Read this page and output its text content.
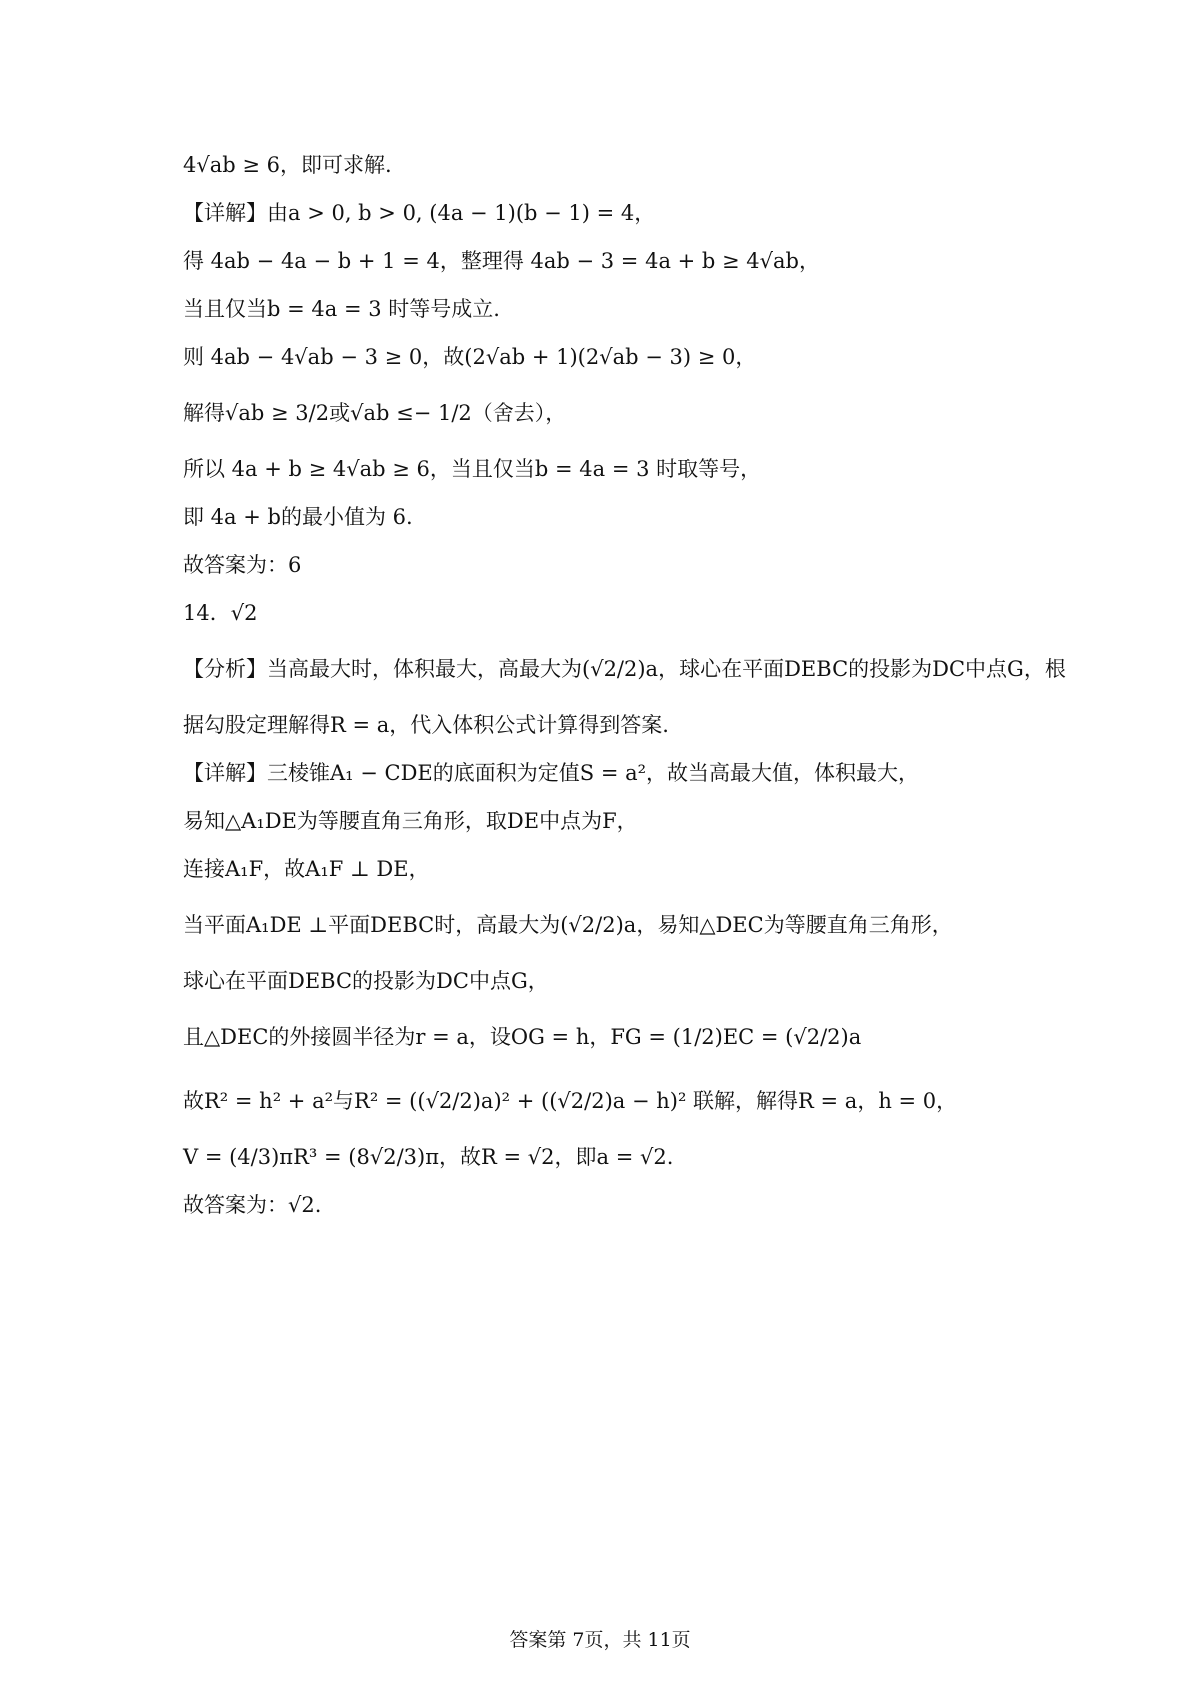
4√ab ≥ 6，即可求解.

【详解】由a > 0, b > 0, (4a − 1)(b − 1) = 4，

得 4ab − 4a − b + 1 = 4，整理得 4ab − 3 = 4a + b ≥ 4√ab，

当且仅当b = 4a = 3 时等号成立.

则 4ab − 4√ab − 3 ≥ 0，故(2√ab + 1)(2√ab − 3) ≥ 0，

解得√ab ≥ 3/2或√ab ≤− 1/2（舍去），

所以 4a + b ≥ 4√ab ≥ 6，当且仅当b = 4a = 3 时取等号，

即 4a + b的最小值为 6.

故答案为：6

14．√2

【分析】当高最大时，体积最大，高最大为(√2/2)a，球心在平面DEBC的投影为DC中点G，根

据勾股定理解得R = a，代入体积公式计算得到答案.

【详解】三棱锥A₁ − CDE的底面积为定值S = a²，故当高最大值，体积最大，

易知△A₁DE为等腰直角三角形，取DE中点为F，

连接A₁F，故A₁F ⊥ DE，

当平面A₁DE ⊥平面DEBC时，高最大为(√2/2)a，易知△DEC为等腰直角三角形，

球心在平面DEBC的投影为DC中点G，

且△DEC的外接圆半径为r = a，设OG = h，FG = (1/2)EC = (√2/2)a

故R² = h² + a²与R² = ((√2/2)a)² + ((√2/2)a − h)² 联解，解得R = a，h = 0，

V = (4/3)πR³ = (8√2/3)π，故R = √2，即a = √2.

故答案为：√2.

答案第 7页，共 11页
